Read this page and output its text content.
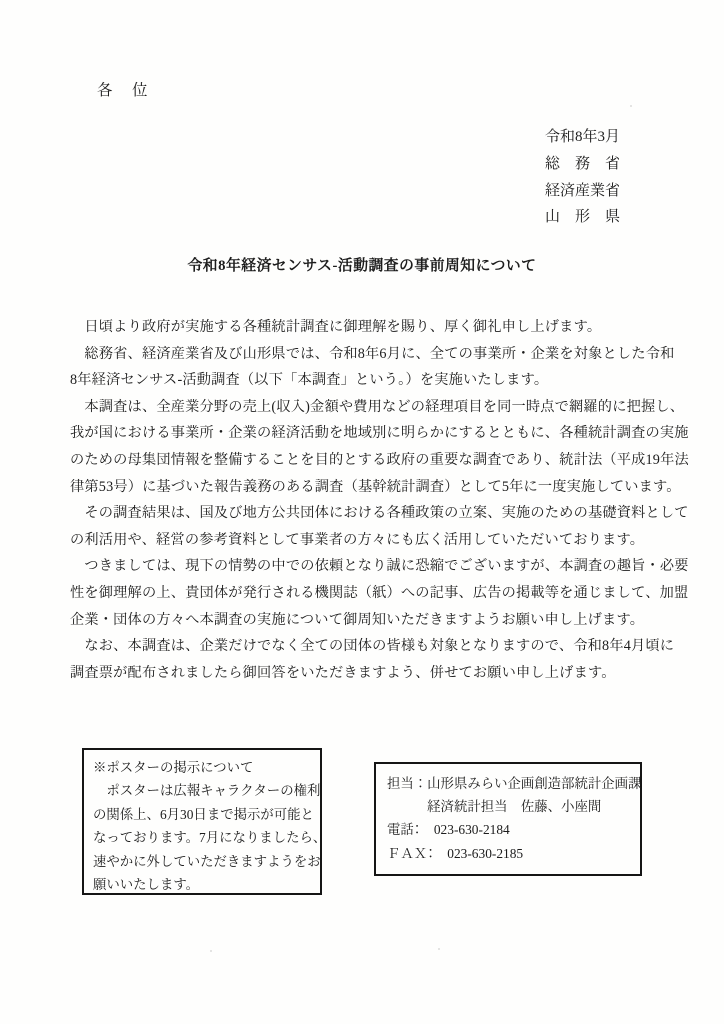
各　位
令和8年3月
総　務　省
経済産業省
山　形　県
令和8年経済センサス‐活動調査の事前周知について
　日頃より政府が実施する各種統計調査に御理解を賜り、厚く御礼申し上げます。
　総務省、経済産業省及び山形県では、令和8年6月に、全ての事業所・企業を対象とした令和
8年経済センサス‐活動調査（以下「本調査」という。）を実施いたします。
　本調査は、全産業分野の売上(収入)金額や費用などの経理項目を同一時点で網羅的に把握し、
我が国における事業所・企業の経済活動を地域別に明らかにするとともに、各種統計調査の実施
のための母集団情報を整備することを目的とする政府の重要な調査であり、統計法（平成19年法
律第53号）に基づいた報告義務のある調査（基幹統計調査）として5年に一度実施しています。
　その調査結果は、国及び地方公共団体における各種政策の立案、実施のための基礎資料として
の利活用や、経営の参考資料として事業者の方々にも広く活用していただいております。
　つきましては、現下の情勢の中での依頼となり誠に恐縮でございますが、本調査の趣旨・必要
性を御理解の上、貴団体が発行される機関誌（紙）への記事、広告の掲載等を通じまして、加盟
企業・団体の方々へ本調査の実施について御周知いただきますようお願い申し上げます。
　なお、本調査は、企業だけでなく全ての団体の皆様も対象となりますので、令和8年4月頃に
調査票が配布されましたら御回答をいただきますよう、併せてお願い申し上げます。
※ポスターの掲示について
　ポスターは広報キャラクターの権利
の関係上、6月30日まで掲示が可能と
なっております。7月になりましたら、
速やかに外していただきますようをお
願いいたします。
担当：山形県みらい企画創造部統計企画課
　　　経済統計担当　佐藤、小座間
電話：　023-630-2184
ＦＡＸ：　023-630-2185
